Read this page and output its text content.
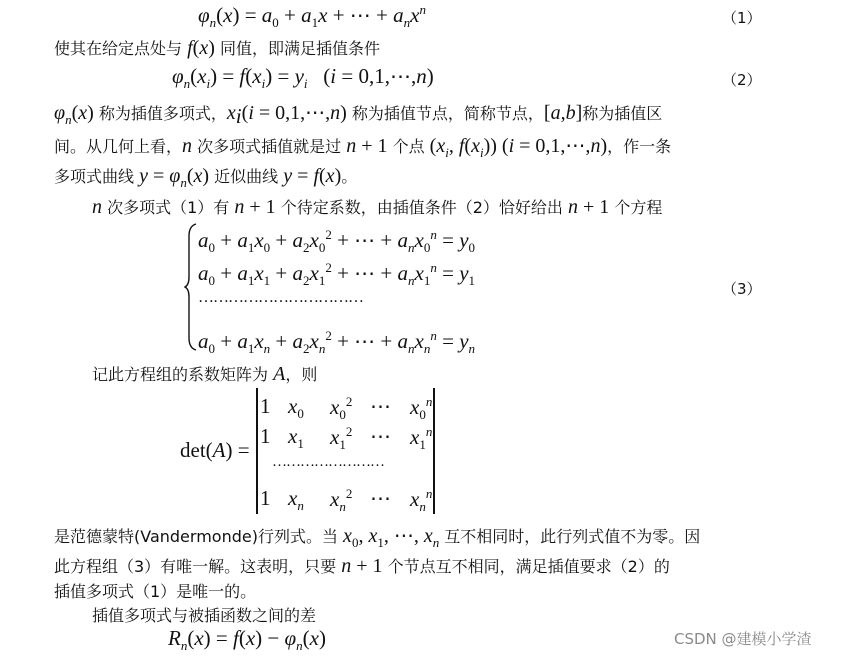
$\varphi_n(x) = a_0 + a_1x$ + ⋯ + $a_nx^n$	（1）
使其在给定点处与 f(x) 同值，即满足插值条件
$\varphi_n(x_i) = f(x_i) = y_i$   (i = 0,1,⋯,n)	（2）
$\varphi_n(x)$ 称为插值多项式，$x_i(i$ = 0,1,⋯,n) 称为插值节点，简称节点，[a,b]称为插值区
间。从几何上看，n 次多项式插值就是过 n + 1 个点 ($x_i$, $f(x_i)$) (i = 0,1,⋯,n)，作一条
多项式曲线 $y = \varphi_n(x)$ 近似曲线 y = f(x)。
n 次多项式（1）有 n + 1 个待定系数，由插值条件（2）恰好给出 n + 1 个方程
$a_0 + a_1x_0 + a_2x_0^2$ + ⋯ + $a_nx_0^n = y_0$
$a_0 + a_1x_1 + a_2x_1^2$ + ⋯ + $a_nx_1^n = y_1$
……………………………
$a_0 + a_1x_n + a_2x_n^2$ + ⋯ + $a_nx_n^n = y_n$
（3）
记此方程组的系数矩阵为 A，则
det(A) =
1 $x_0$ $x_0^2$ ⋯ $x_0^n$
1 $x_1$ $x_1^2$ ⋯ $x_1^n$
……………………
1 $x_n$ $x_n^2$ ⋯ $x_n^n$
是范德蒙特(Vandermonde)行列式。当 $x_0$, $x_1$, ⋯, $x_n$ 互不相同时，此行列式值不为零。因
此方程组（3）有唯一解。这表明，只要 n + 1 个节点互不相同，满足插值要求（2）的
插值多项式（1）是唯一的。
插值多项式与被插函数之间的差
$R_n(x) = f(x) - \varphi_n(x)$	CSDN @建模小学渣
